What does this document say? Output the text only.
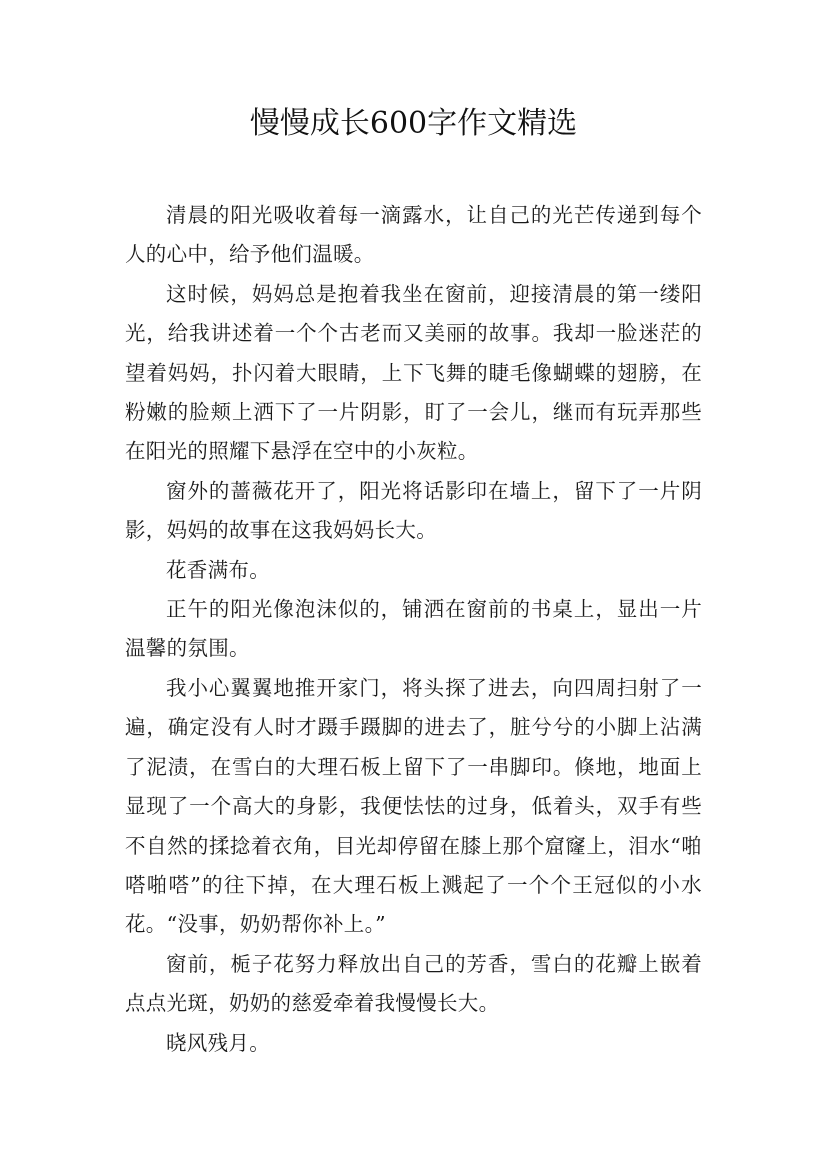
慢慢成长600字作文精选

清晨的阳光吸收着每一滴露水，让自己的光芒传递到每个人的心中，给予他们温暖。

这时候，妈妈总是抱着我坐在窗前，迎接清晨的第一缕阳光，给我讲述着一个个古老而又美丽的故事。我却一脸迷茫的望着妈妈，扑闪着大眼睛，上下飞舞的睫毛像蝴蝶的翅膀，在粉嫩的脸颊上洒下了一片阴影，盯了一会儿，继而有玩弄那些在阳光的照耀下悬浮在空中的小灰粒。

窗外的蔷薇花开了，阳光将话影印在墙上，留下了一片阴影，妈妈的故事在这我妈妈长大。

花香满布。

正午的阳光像泡沫似的，铺洒在窗前的书桌上，显出一片温馨的氛围。

我小心翼翼地推开家门，将头探了进去，向四周扫射了一遍，确定没有人时才蹑手蹑脚的进去了，脏兮兮的小脚上沾满了泥渍，在雪白的大理石板上留下了一串脚印。倏地，地面上显现了一个高大的身影，我便怯怯的过身，低着头，双手有些不自然的揉捻着衣角，目光却停留在膝上那个窟窿上，泪水“啪嗒啪嗒”的往下掉，在大理石板上溅起了一个个王冠似的小水花。“没事，奶奶帮你补上。”

窗前，栀子花努力释放出自己的芳香，雪白的花瓣上嵌着点点光斑，奶奶的慈爱牵着我慢慢长大。

晓风残月。
